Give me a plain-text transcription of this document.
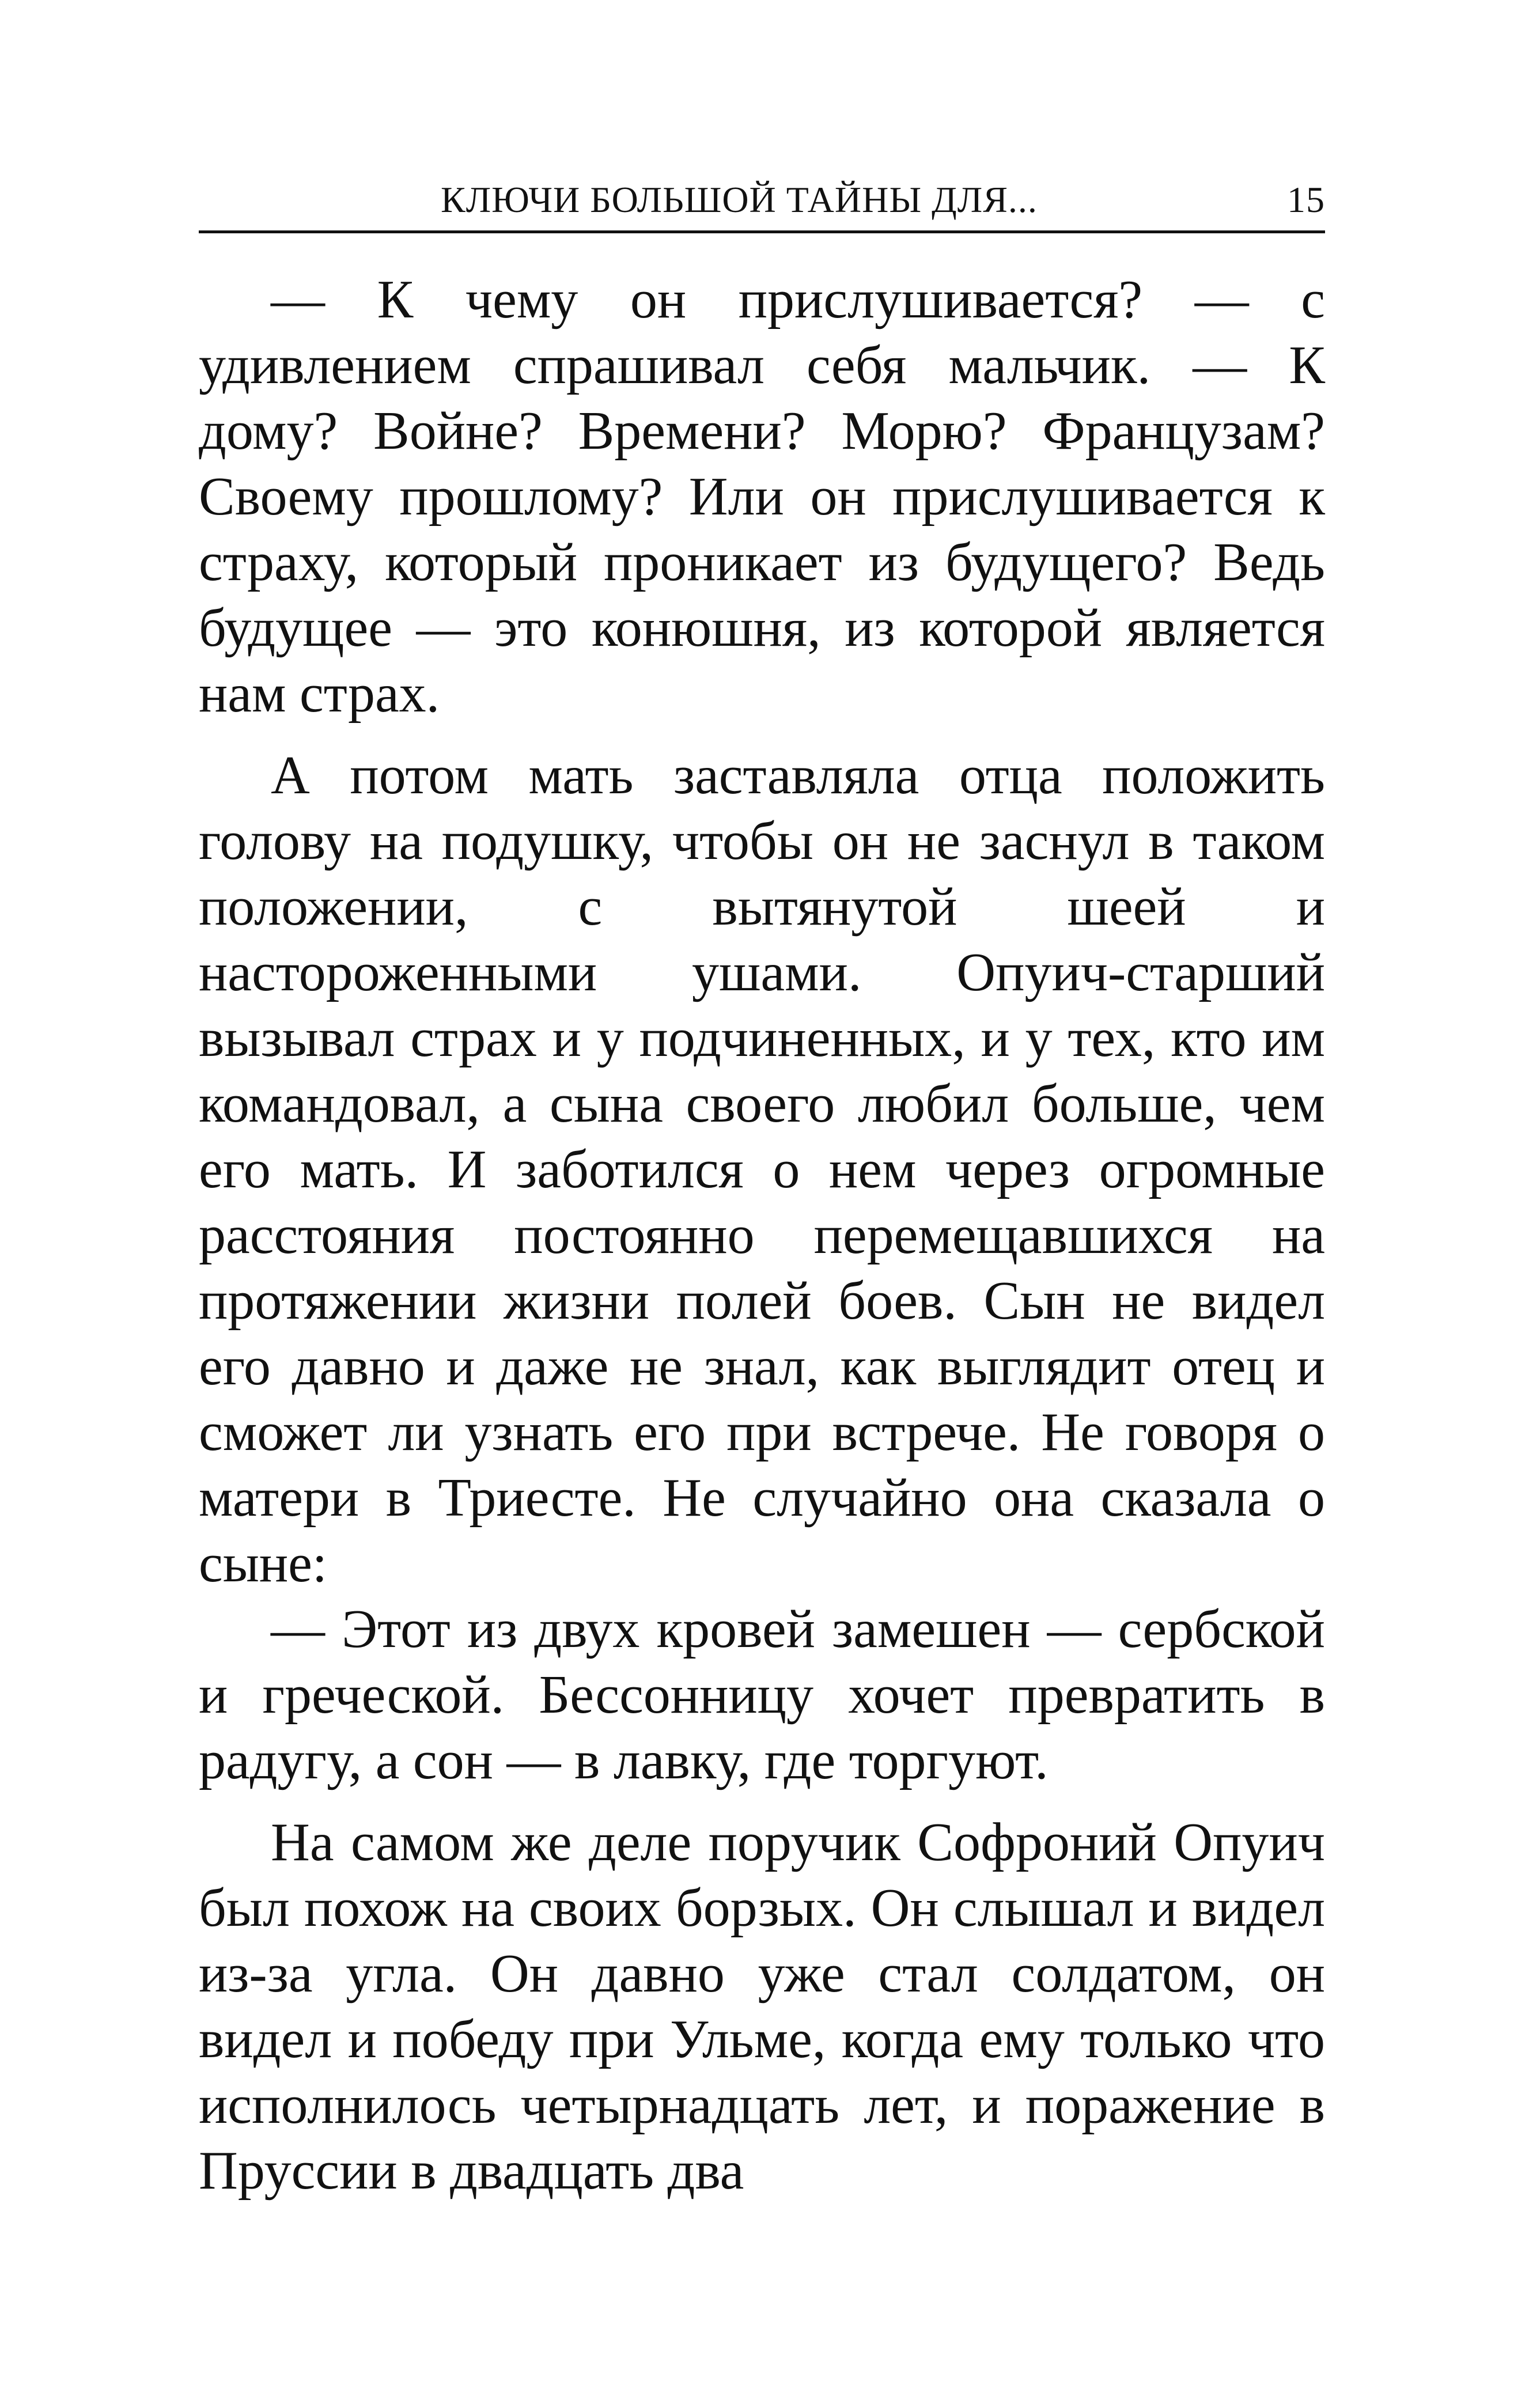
КЛЮЧИ БОЛЬШОЙ ТАЙНЫ ДЛЯ...	15

— К чему он прислушивается? — с удивлением спрашивал себя мальчик. — К дому? Войне? Времени? Морю? Французам? Своему прошлому? Или он прислушивается к страху, который проникает из будущего? Ведь будущее — это конюшня, из которой является нам страх.

А потом мать заставляла отца положить голову на подушку, чтобы он не заснул в таком положении, с вытянутой шеей и настороженными ушами. Опуич-старший вызывал страх и у подчиненных, и у тех, кто им командовал, а сына своего любил больше, чем его мать. И заботился о нем через огромные расстояния постоянно перемещавшихся на протяжении жизни полей боев. Сын не видел его давно и даже не знал, как выглядит отец и сможет ли узнать его при встрече. Не говоря о матери в Триесте. Не случайно она сказала о сыне:

— Этот из двух кровей замешен — сербской и греческой. Бессонницу хочет превратить в радугу, а сон — в лавку, где торгуют.

На самом же деле поручик Софроний Опуич был похож на своих борзых. Он слышал и видел из-за угла. Он давно уже стал солдатом, он видел и победу при Ульме, когда ему только что исполнилось четырнадцать лет, и поражение в Пруссии в двадцать два
